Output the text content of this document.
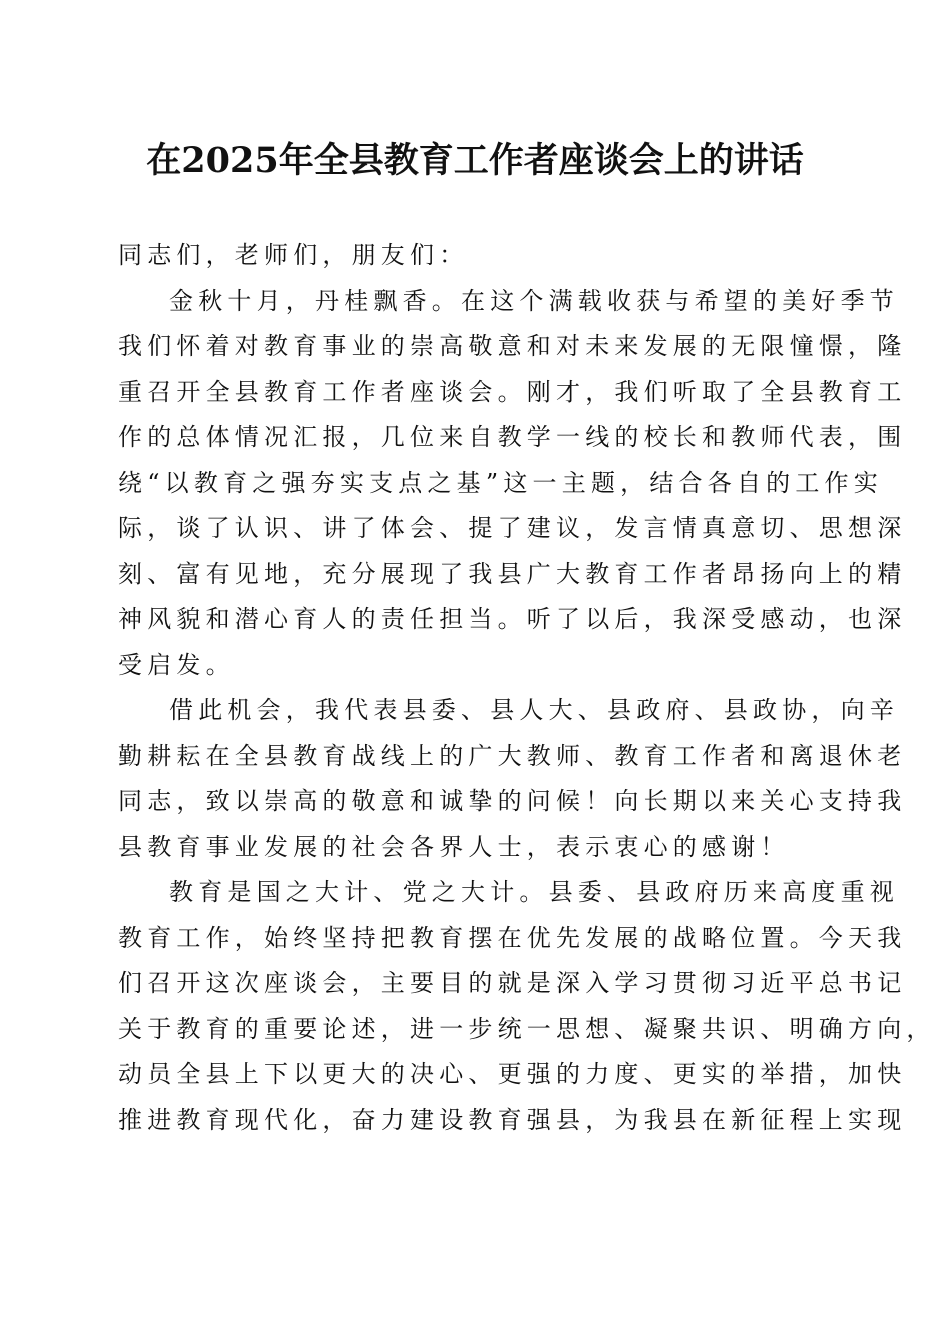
在2025年全县教育工作者座谈会上的讲话
同志们，老师们，朋友们：
金秋十月，丹桂飘香。在这个满载收获与希望的美好季节
我们怀着对教育事业的崇高敬意和对未来发展的无限憧憬，隆
重召开全县教育工作者座谈会。刚才，我们听取了全县教育工
作的总体情况汇报，几位来自教学一线的校长和教师代表，围
绕“以教育之强夯实支点之基”这一主题，结合各自的工作实
际，谈了认识、讲了体会、提了建议，发言情真意切、思想深
刻、富有见地，充分展现了我县广大教育工作者昂扬向上的精
神风貌和潜心育人的责任担当。听了以后，我深受感动，也深
受启发。
借此机会，我代表县委、县人大、县政府、县政协，向辛
勤耕耘在全县教育战线上的广大教师、教育工作者和离退休老
同志，致以崇高的敬意和诚挚的问候！向长期以来关心支持我
县教育事业发展的社会各界人士，表示衷心的感谢！
教育是国之大计、党之大计。县委、县政府历来高度重视
教育工作，始终坚持把教育摆在优先发展的战略位置。今天我
们召开这次座谈会，主要目的就是深入学习贯彻习近平总书记
关于教育的重要论述，进一步统一思想、凝聚共识、明确方向，
动员全县上下以更大的决心、更强的力度、更实的举措，加快
推进教育现代化，奋力建设教育强县，为我县在新征程上实现
